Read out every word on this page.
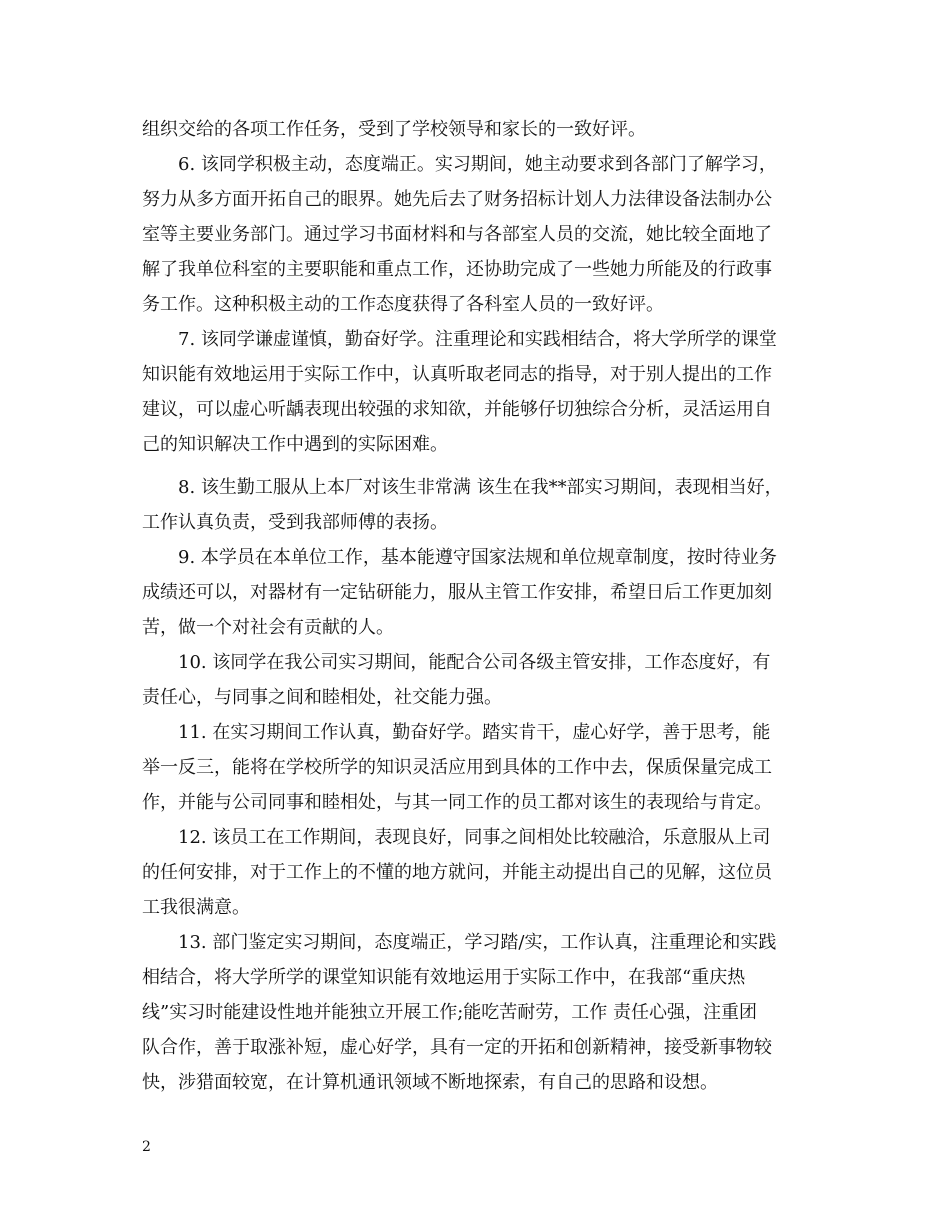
组织交给的各项工作任务，受到了学校领导和家长的一致好评。
6. 该同学积极主动，态度端正。实习期间，她主动要求到各部门了解学习，
努力从多方面开拓自己的眼界。她先后去了财务招标计划人力法律设备法制办公
室等主要业务部门。通过学习书面材料和与各部室人员的交流，她比较全面地了
解了我单位科室的主要职能和重点工作，还协助完成了一些她力所能及的行政事
务工作。这种积极主动的工作态度获得了各科室人员的一致好评。
7. 该同学谦虚谨慎，勤奋好学。注重理论和实践相结合，将大学所学的课堂
知识能有效地运用于实际工作中，认真听取老同志的指导，对于别人提出的工作
建议，可以虚心听龋表现出较强的求知欲，并能够仔切独综合分析，灵活运用自
己的知识解决工作中遇到的实际困难。
8. 该生勤工服从上本厂对该生非常满 该生在我**部实习期间，表现相当好，
工作认真负责，受到我部师傅的表扬。
9. 本学员在本单位工作，基本能遵守国家法规和单位规章制度，按时待业务
成绩还可以，对器材有一定钻研能力，服从主管工作安排，希望日后工作更加刻
苦，做一个对社会有贡献的人。
10. 该同学在我公司实习期间，能配合公司各级主管安排，工作态度好，有
责任心，与同事之间和睦相处，社交能力强。
11. 在实习期间工作认真，勤奋好学。踏实肯干，虚心好学，善于思考，能
举一反三，能将在学校所学的知识灵活应用到具体的工作中去，保质保量完成工
作，并能与公司同事和睦相处，与其一同工作的员工都对该生的表现给与肯定。
12. 该员工在工作期间，表现良好，同事之间相处比较融洽，乐意服从上司
的任何安排，对于工作上的不懂的地方就问，并能主动提出自己的见解，这位员
工我很满意。
13. 部门鉴定实习期间，态度端正，学习踏/实，工作认真，注重理论和实践
相结合，将大学所学的课堂知识能有效地运用于实际工作中，在我部“重庆热
线”实习时能建设性地并能独立开展工作;能吃苦耐劳，工作 责任心强，注重团
队合作，善于取涨补短，虚心好学，具有一定的开拓和创新精神，接受新事物较
快，涉猎面较宽，在计算机通讯领域不断地探索，有自己的思路和设想。
2
